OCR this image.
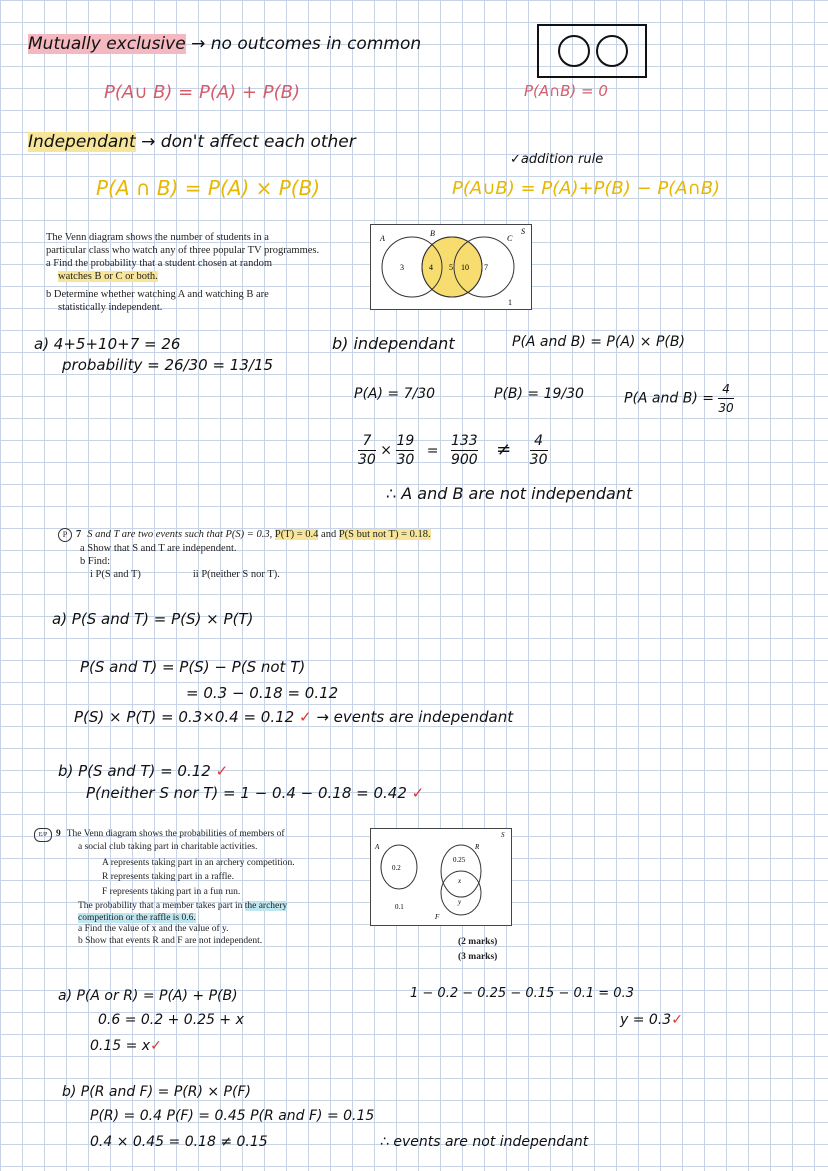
Mutually exclusive → no outcomes in common
P(A∪ B) = P(A) + P(B)	P(A∩B) = 0
Independant → don't affect each other
✓addition rule
P(A ∩ B) = P(A) × P(B)	P(A∪B) = P(A)+P(B) − P(A∩B)
The Venn diagram shows the number of students in a
particular class who watch any of three popular TV programmes.
a Find the probability that a student chosen at random
watches B or C or both.
b Determine whether watching A and watching B are
statistically independent.
A
B
C
S
3	4 5 10 7
1
a) 4+5+10+7 = 26
probability = 26/30 = 13/15
b) independant	P(A and B) = P(A) × P(B)
P(A) = 7/30	P(B) = 19/30	P(A and $B) = \frac{4}{30}$
$\frac{7}{30} \times \frac{19}{30} = \frac{133}{900} \ne \frac{4}{30}$
∴ A and B are not independant
P 7 S and T are two events such that P(S) = 0.3, P(T) = 0.4 and P(S but not T) = 0.18.
a Show that S and T are independent.
b Find:
i P(S and T)	ii P(neither S nor T).
a) P(S and T) = P(S) × P(T)
P(S and T) = P(S) − P(S not T)
= 0.3 − 0.18 = 0.12
P(S) × P(T) = 0.3×0.4 = 0.12 ✓ → events are independant
b) P(S and T) = 0.12 ✓
P(neither S nor T) = 1 − 0.4 − 0.18 = 0.42 ✓
E/P 9 The Venn diagram shows the probabilities of members of
a social club taking part in charitable activities.
A represents taking part in an archery competition.
R represents taking part in a raffle.
F represents taking part in a fun run.
The probability that a member takes part in the archery
competition or the raffle is 0.6.
a Find the value of x and the value of y.
b Show that events R and F are not independent.	(2 marks)
(3 marks)
A	R
F
S
0.2
0.25
x
y
0.1
a) P(A or R) = P(A) + P(B)
0.6 = 0.2 + 0.25 + x
0.15 = x✓
1 − 0.2 − 0.25 − 0.15 − 0.1 = 0.3
y = 0.3✓
b) P(R and F) = P(R) × P(F)
P(R) = 0.4 P(F) = 0.45 P(R and F) = 0.15
0.4 × 0.45 = 0.18 ≠ 0.15	∴ events are not independant
